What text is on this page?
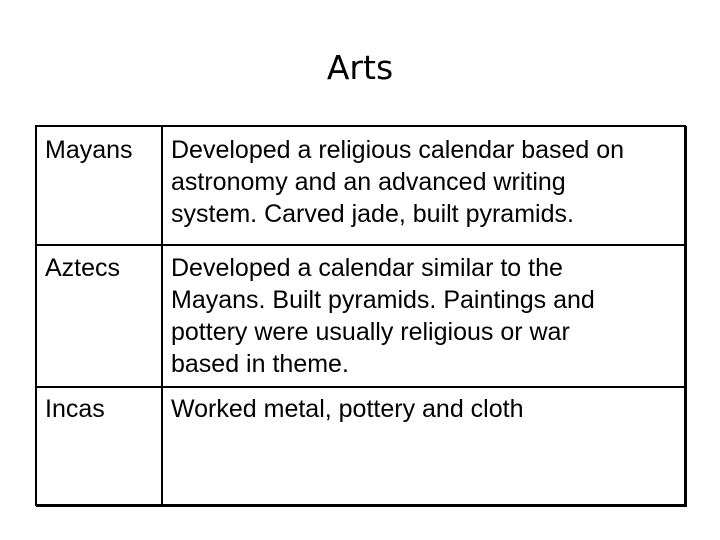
Arts
Mayans Developed a religious calendar based on
astronomy and an advanced writing
system. Carved jade, built pyramids.
Aztecs Developed a calendar similar to the
Mayans. Built pyramids. Paintings and
pottery were usually religious or war
based in theme.
Incas	Worked metal, pottery and cloth
